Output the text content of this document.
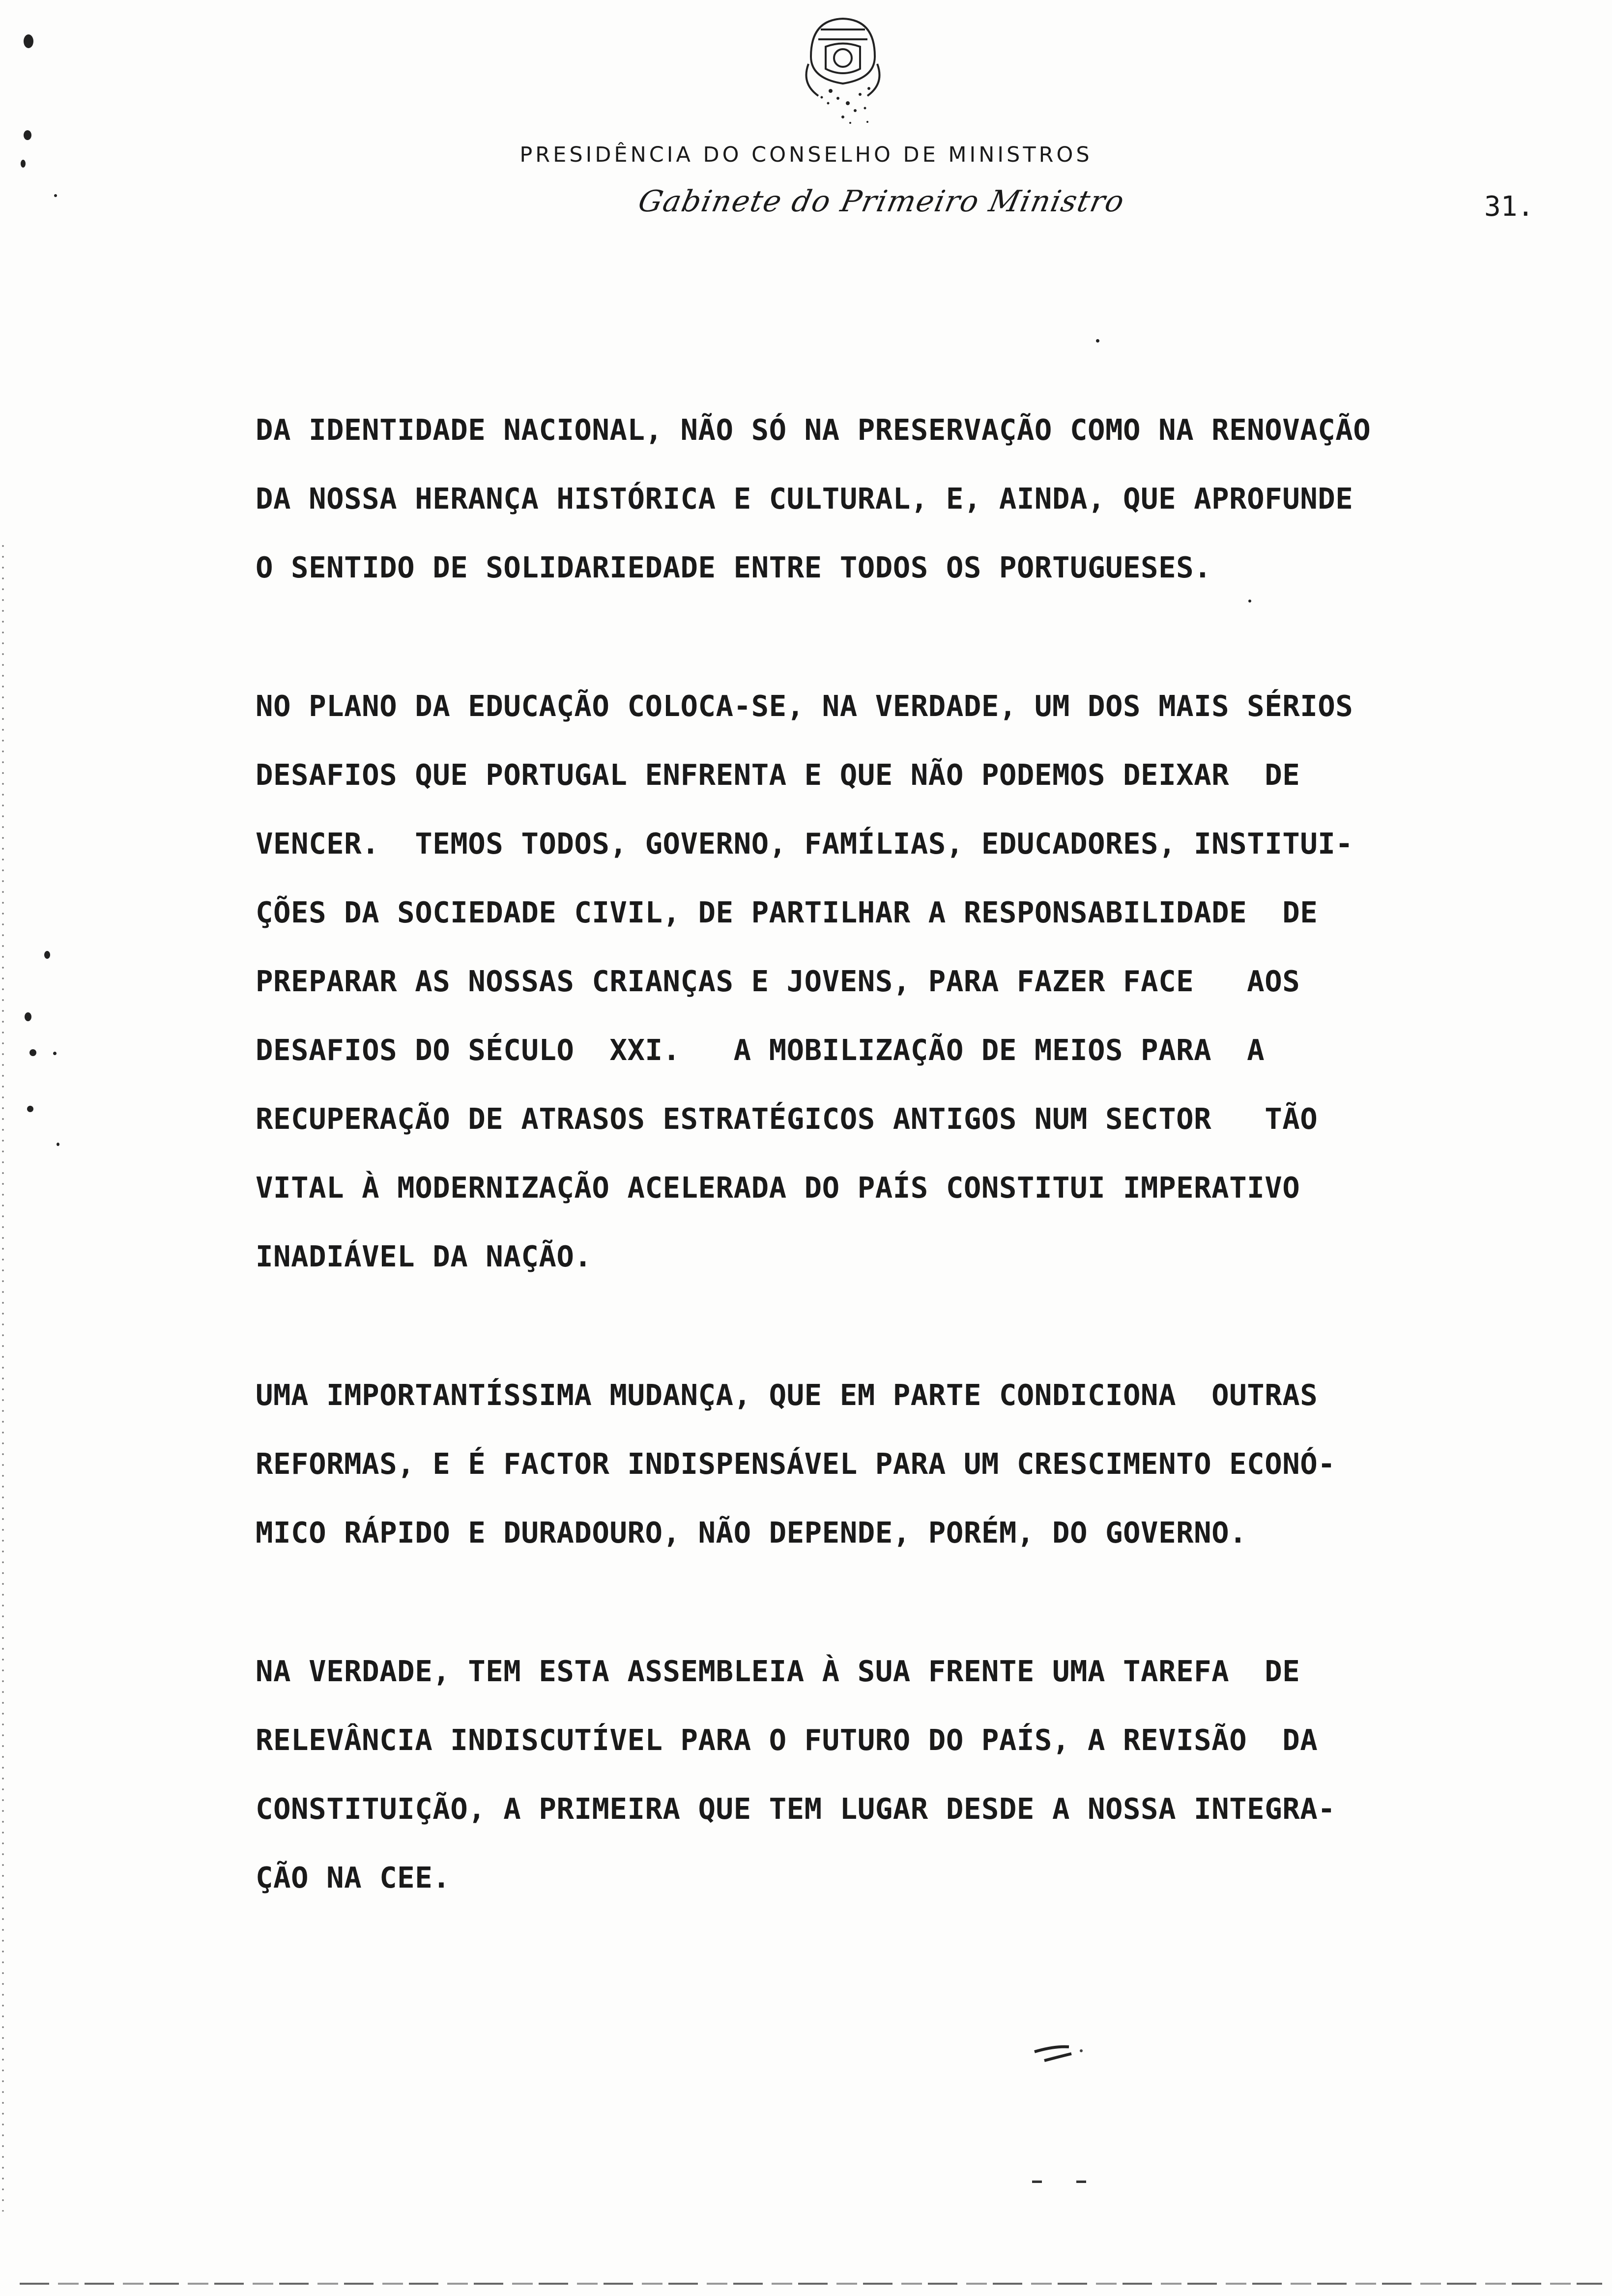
PRESIDÊNCIA DO CONSELHO DE MINISTROS
Gabinete do Primeiro Ministro	31.
DA IDENTIDADE NACIONAL, NÃO SÓ NA PRESERVAÇÃO COMO NA RENOVAÇÃO
DA NOSSA HERANÇA HISTÓRICA E CULTURAL, E, AINDA, QUE APROFUNDE
O SENTIDO DE SOLIDARIEDADE ENTRE TODOS OS PORTUGUESES.
NO PLANO DA EDUCAÇÃO COLOCA-SE, NA VERDADE, UM DOS MAIS SÉRIOS
DESAFIOS QUE PORTUGAL ENFRENTA E QUE NÃO PODEMOS DEIXAR  DE
VENCER.  TEMOS TODOS, GOVERNO, FAMÍLIAS, EDUCADORES, INSTITUI-
ÇÕES DA SOCIEDADE CIVIL, DE PARTILHAR A RESPONSABILIDADE  DE
PREPARAR AS NOSSAS CRIANÇAS E JOVENS, PARA FAZER FACE   AOS
DESAFIOS DO SÉCULO  XXI.   A MOBILIZAÇÃO DE MEIOS PARA  A
RECUPERAÇÃO DE ATRASOS ESTRATÉGICOS ANTIGOS NUM SECTOR   TÃO
VITAL À MODERNIZAÇÃO ACELERADA DO PAÍS CONSTITUI IMPERATIVO
INADIÁVEL DA NAÇÃO.
UMA IMPORTANTÍSSIMA MUDANÇA, QUE EM PARTE CONDICIONA  OUTRAS
REFORMAS, E É FACTOR INDISPENSÁVEL PARA UM CRESCIMENTO ECONÓ-
MICO RÁPIDO E DURADOURO, NÃO DEPENDE, PORÉM, DO GOVERNO.
NA VERDADE, TEM ESTA ASSEMBLEIA À SUA FRENTE UMA TAREFA  DE
RELEVÂNCIA INDISCUTÍVEL PARA O FUTURO DO PAÍS, A REVISÃO  DA
CONSTITUIÇÃO, A PRIMEIRA QUE TEM LUGAR DESDE A NOSSA INTEGRA-
ÇÃO NA CEE.
